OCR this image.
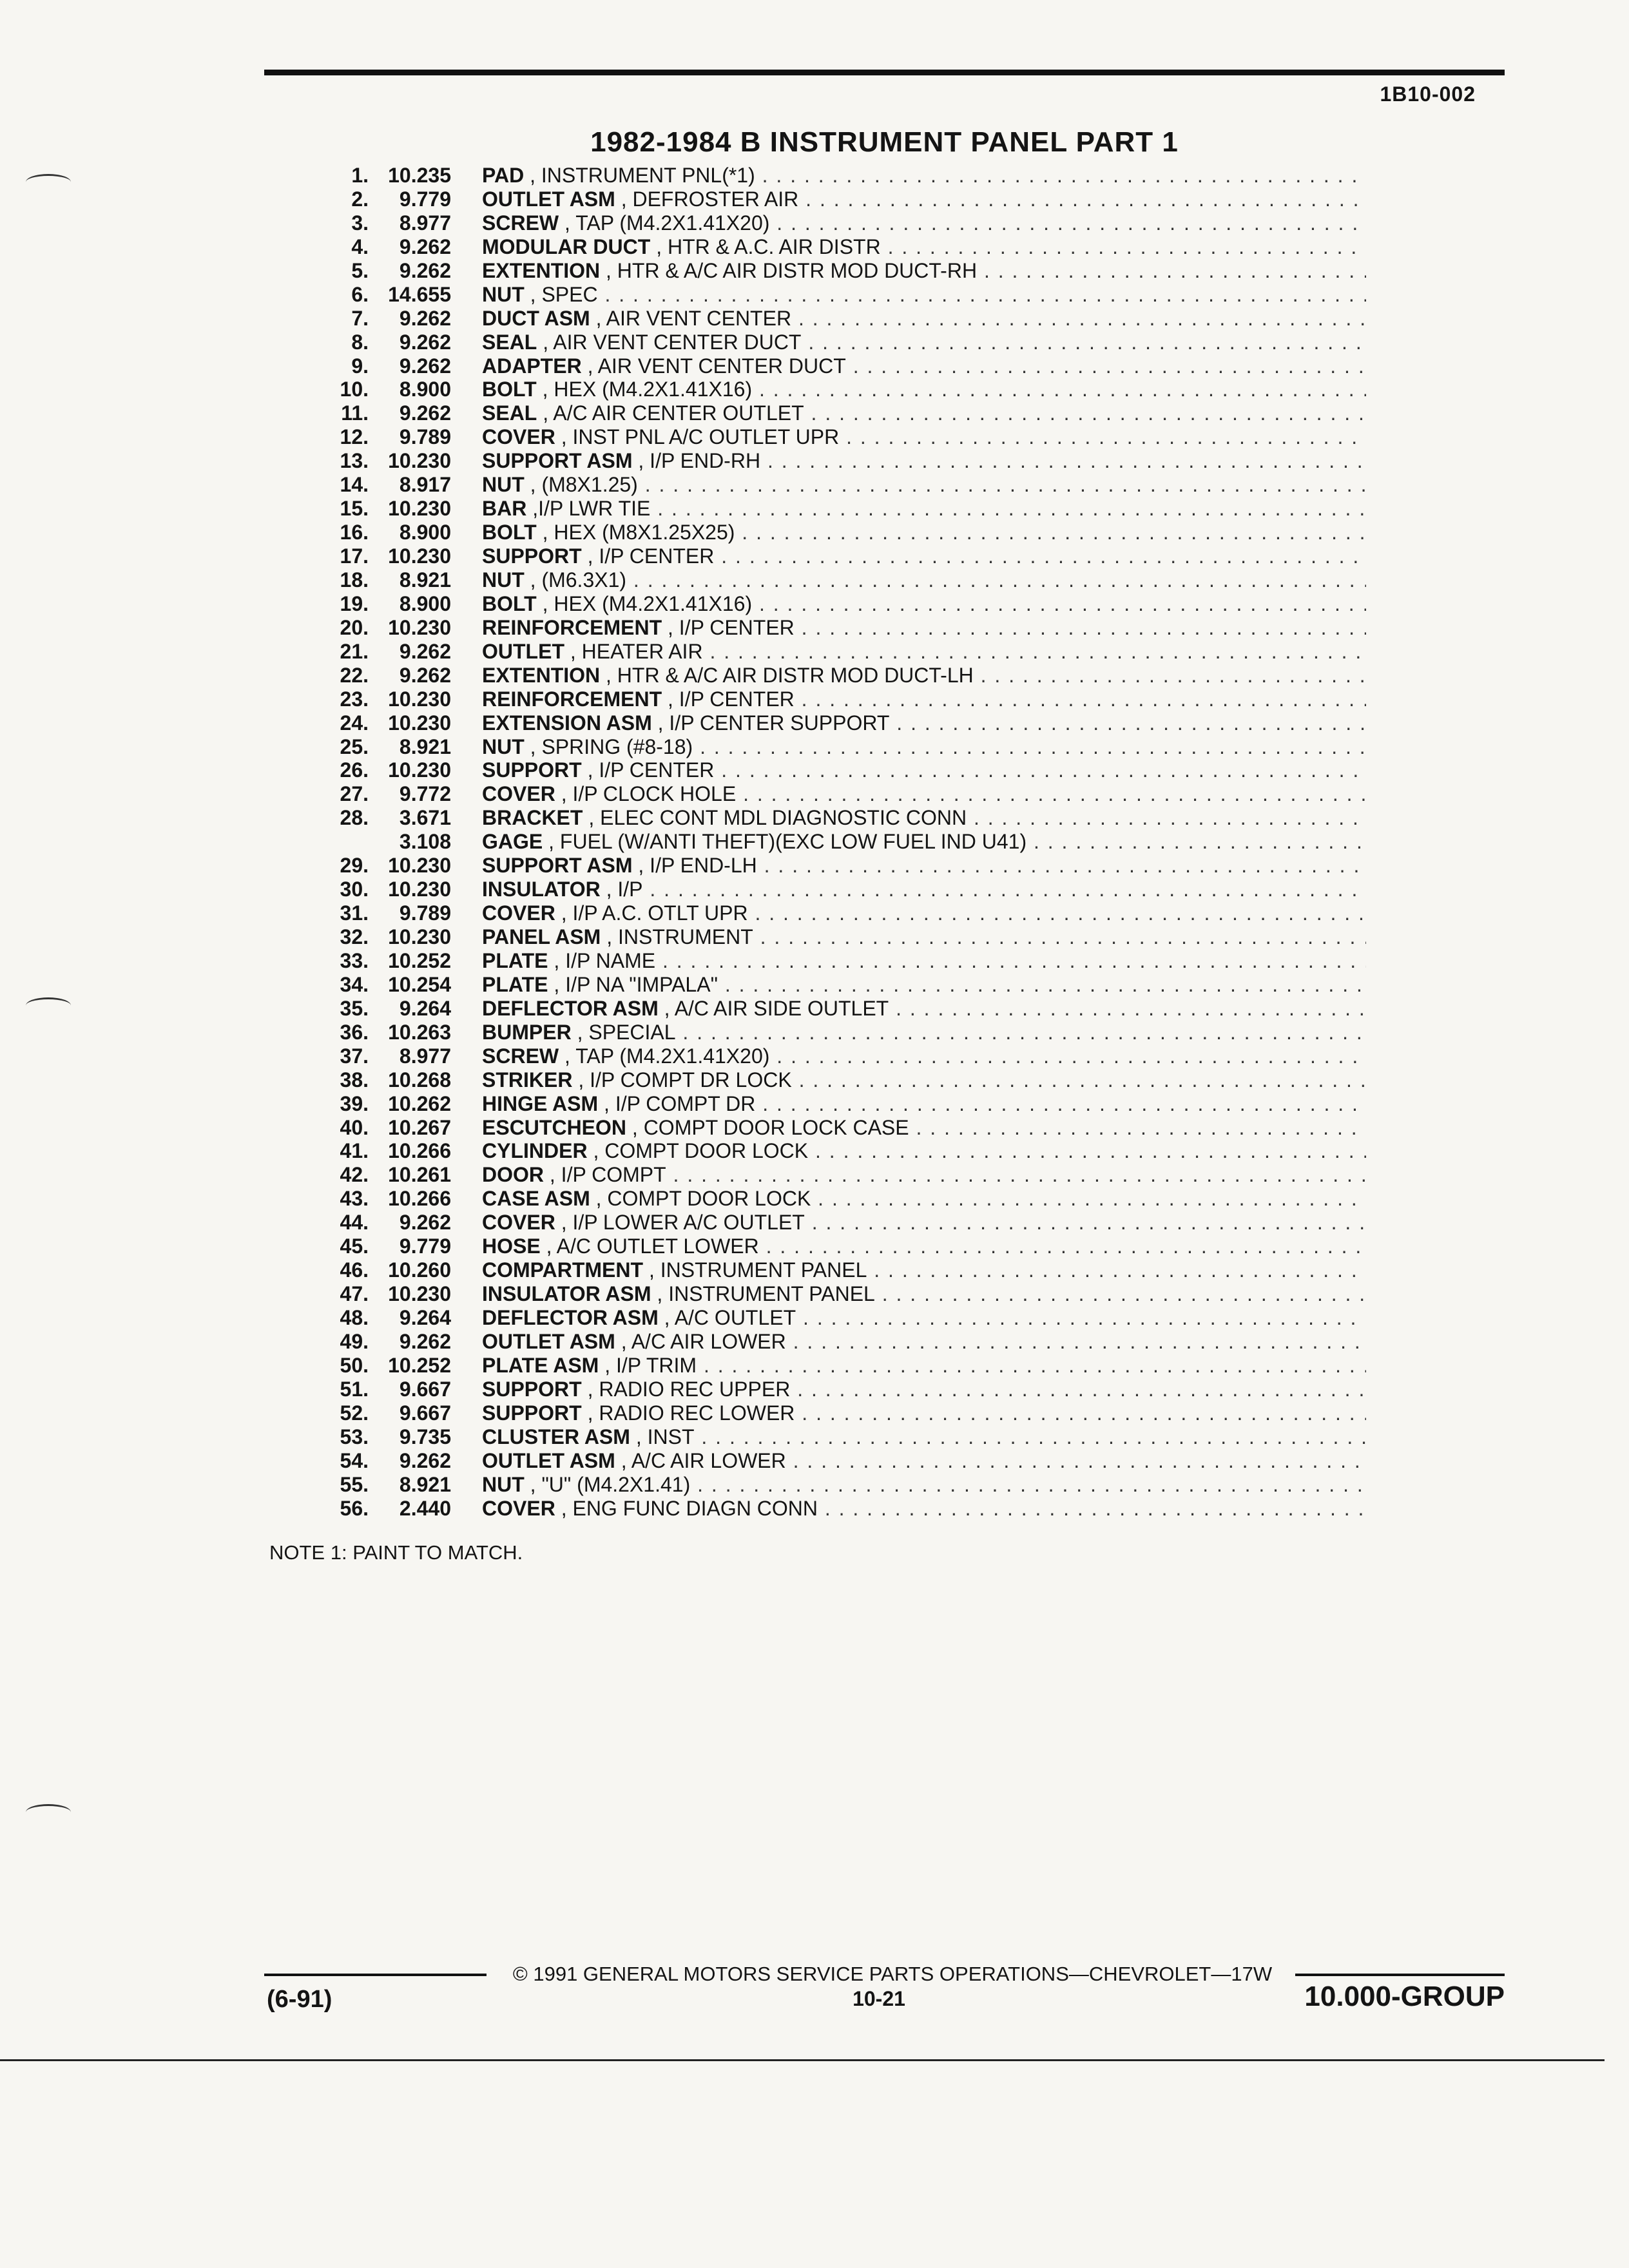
1B10-002
1982-1984 B INSTRUMENT PANEL PART 1
1. 10.235 PAD , INSTRUMENT PNL(*1) . . .
2.	9.779 OUTLET ASM , DEFROSTER AIR . . .
3.	8.977 SCREW , TAP (M4.2X1.41X20) . . .
4.	9.262 MODULAR DUCT , HTR & A.C. AIR DISTR . . .
5.	9.262 EXTENTION , HTR & A/C AIR DISTR MOD DUCT-RH . . .
6. 14.655 NUT , SPEC . . .
7.	9.262 DUCT ASM , AIR VENT CENTER . . .
8.	9.262 SEAL , AIR VENT CENTER DUCT . . .
9.	9.262 ADAPTER , AIR VENT CENTER DUCT . . .
10.	8.900 BOLT , HEX (M4.2X1.41X16) . . .
11.	9.262 SEAL , A/C AIR CENTER OUTLET . . .
12.	9.789 COVER , INST PNL A/C OUTLET UPR . . .
13. 10.230 SUPPORT ASM , I/P END-RH . . .
14.	8.917 NUT , (M8X1.25) . . .
15. 10.230 BAR ,I/P LWR TIE . . .
16.	8.900 BOLT , HEX (M8X1.25X25) . . .
17. 10.230 SUPPORT , I/P CENTER . . .
18.	8.921 NUT , (M6.3X1) . . .
19.	8.900 BOLT , HEX (M4.2X1.41X16) . . .
20. 10.230 REINFORCEMENT , I/P CENTER . . .
21.	9.262 OUTLET , HEATER AIR . . .
22.	9.262 EXTENTION , HTR & A/C AIR DISTR MOD DUCT-LH . . .
23. 10.230 REINFORCEMENT , I/P CENTER . . .
24. 10.230 EXTENSION ASM , I/P CENTER SUPPORT . . .
25.	8.921 NUT , SPRING (#8-18) . . .
26. 10.230 SUPPORT , I/P CENTER . . .
27.	9.772 COVER , I/P CLOCK HOLE . . .
28.	3.671 BRACKET , ELEC CONT MDL DIAGNOSTIC CONN . . .
3.108 GAGE , FUEL (W/ANTI THEFT)(EXC LOW FUEL IND U41) . . .
29. 10.230 SUPPORT ASM , I/P END-LH . . .
30. 10.230 INSULATOR , I/P . . .
31.	9.789 COVER , I/P A.C. OTLT UPR . . .
32. 10.230 PANEL ASM , INSTRUMENT . . .
33. 10.252 PLATE , I/P NAME . . .
34. 10.254 PLATE , I/P NA "IMPALA" . . .
35.	9.264 DEFLECTOR ASM , A/C AIR SIDE OUTLET . . .
36. 10.263 BUMPER , SPECIAL . . .
37.	8.977 SCREW , TAP (M4.2X1.41X20) . . .
38. 10.268 STRIKER , I/P COMPT DR LOCK . . .
39. 10.262 HINGE ASM , I/P COMPT DR . . .
40. 10.267 ESCUTCHEON , COMPT DOOR LOCK CASE . . .
41. 10.266 CYLINDER , COMPT DOOR LOCK . . .
42. 10.261 DOOR , I/P COMPT . . .
43. 10.266 CASE ASM , COMPT DOOR LOCK . . .
44.	9.262 COVER , I/P LOWER A/C OUTLET . . .
45.	9.779 HOSE , A/C OUTLET LOWER . . .
46. 10.260 COMPARTMENT , INSTRUMENT PANEL . . .
47. 10.230 INSULATOR ASM , INSTRUMENT PANEL . . .
48.	9.264 DEFLECTOR ASM , A/C OUTLET . . .
49.	9.262 OUTLET ASM , A/C AIR LOWER . . .
50. 10.252 PLATE ASM , I/P TRIM . . .
51.	9.667 SUPPORT , RADIO REC UPPER . . .
52.	9.667 SUPPORT , RADIO REC LOWER . . .
53.	9.735 CLUSTER ASM , INST . . .
54.	9.262 OUTLET ASM , A/C AIR LOWER . . .
55.	8.921 NUT , "U" (M4.2X1.41) . . .
56.	2.440 COVER , ENG FUNC DIAGN CONN . . .
NOTE 1: PAINT TO MATCH.
© 1991 GENERAL MOTORS SERVICE PARTS OPERATIONS—CHEVROLET—17W
(6-91)	10-21	10.000-GROUP
